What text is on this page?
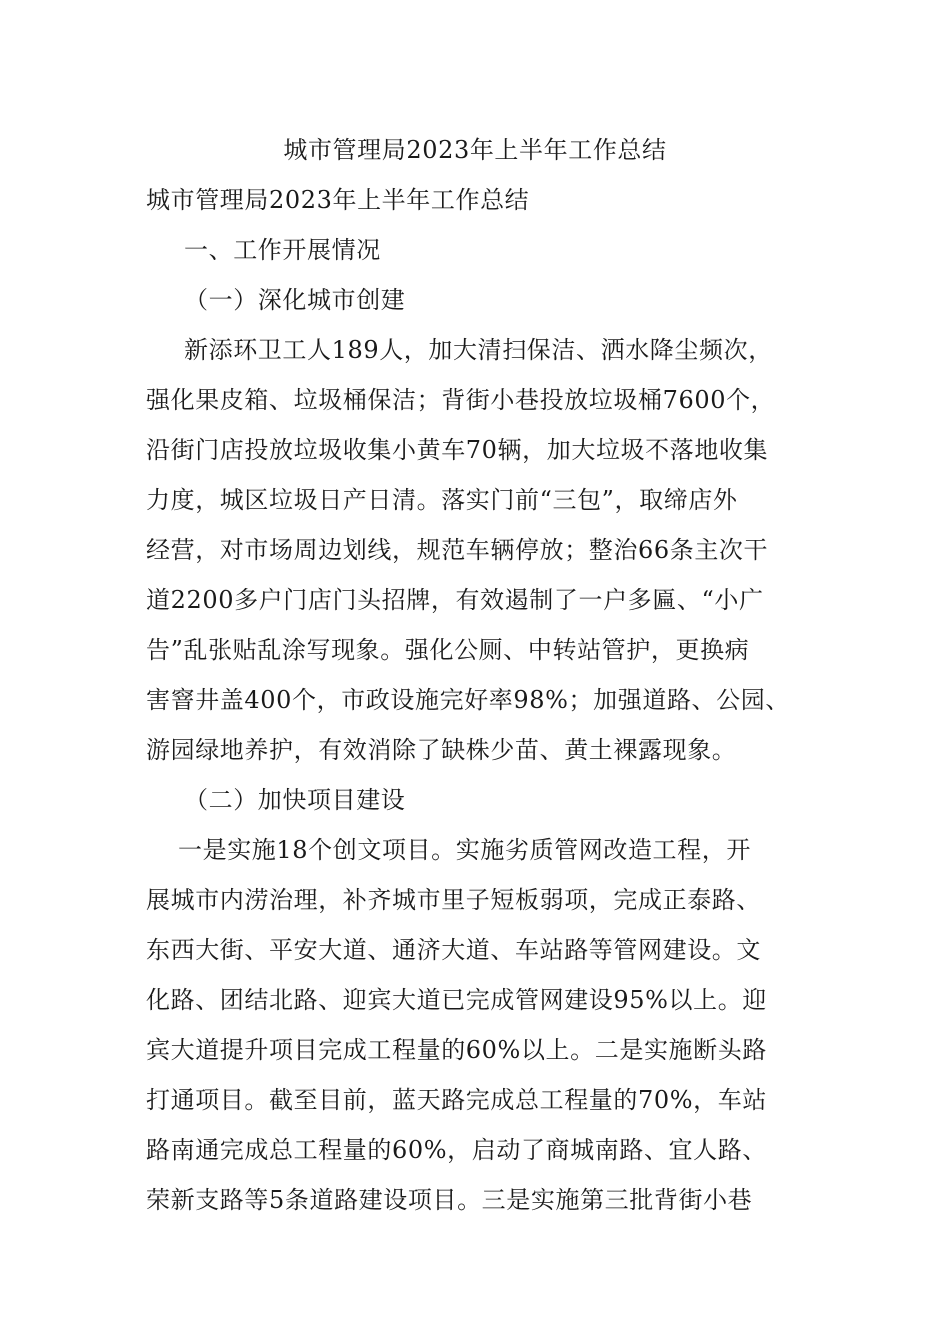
城市管理局2023年上半年工作总结
城市管理局2023年上半年工作总结
一、工作开展情况
（一）深化城市创建
新添环卫工人189人，加大清扫保洁、洒水降尘频次，
强化果皮箱、垃圾桶保洁；背街小巷投放垃圾桶7600个，
沿街门店投放垃圾收集小黄车70辆，加大垃圾不落地收集
力度，城区垃圾日产日清。落实门前“三包”，取缔店外
经营，对市场周边划线，规范车辆停放；整治66条主次干
道2200多户门店门头招牌，有效遏制了一户多匾、“小广
告”乱张贴乱涂写现象。强化公厕、中转站管护，更换病
害窨井盖400个，市政设施完好率98%；加强道路、公园、
游园绿地养护，有效消除了缺株少苗、黄土裸露现象。
（二）加快项目建设
一是实施18个创文项目。实施劣质管网改造工程，开
展城市内涝治理，补齐城市里子短板弱项，完成正泰路、
东西大街、平安大道、通济大道、车站路等管网建设。文
化路、团结北路、迎宾大道已完成管网建设95%以上。迎
宾大道提升项目完成工程量的60%以上。二是实施断头路
打通项目。截至目前，蓝天路完成总工程量的70%，车站
路南通完成总工程量的60%，启动了商城南路、宜人路、
荣新支路等5条道路建设项目。三是实施第三批背街小巷
